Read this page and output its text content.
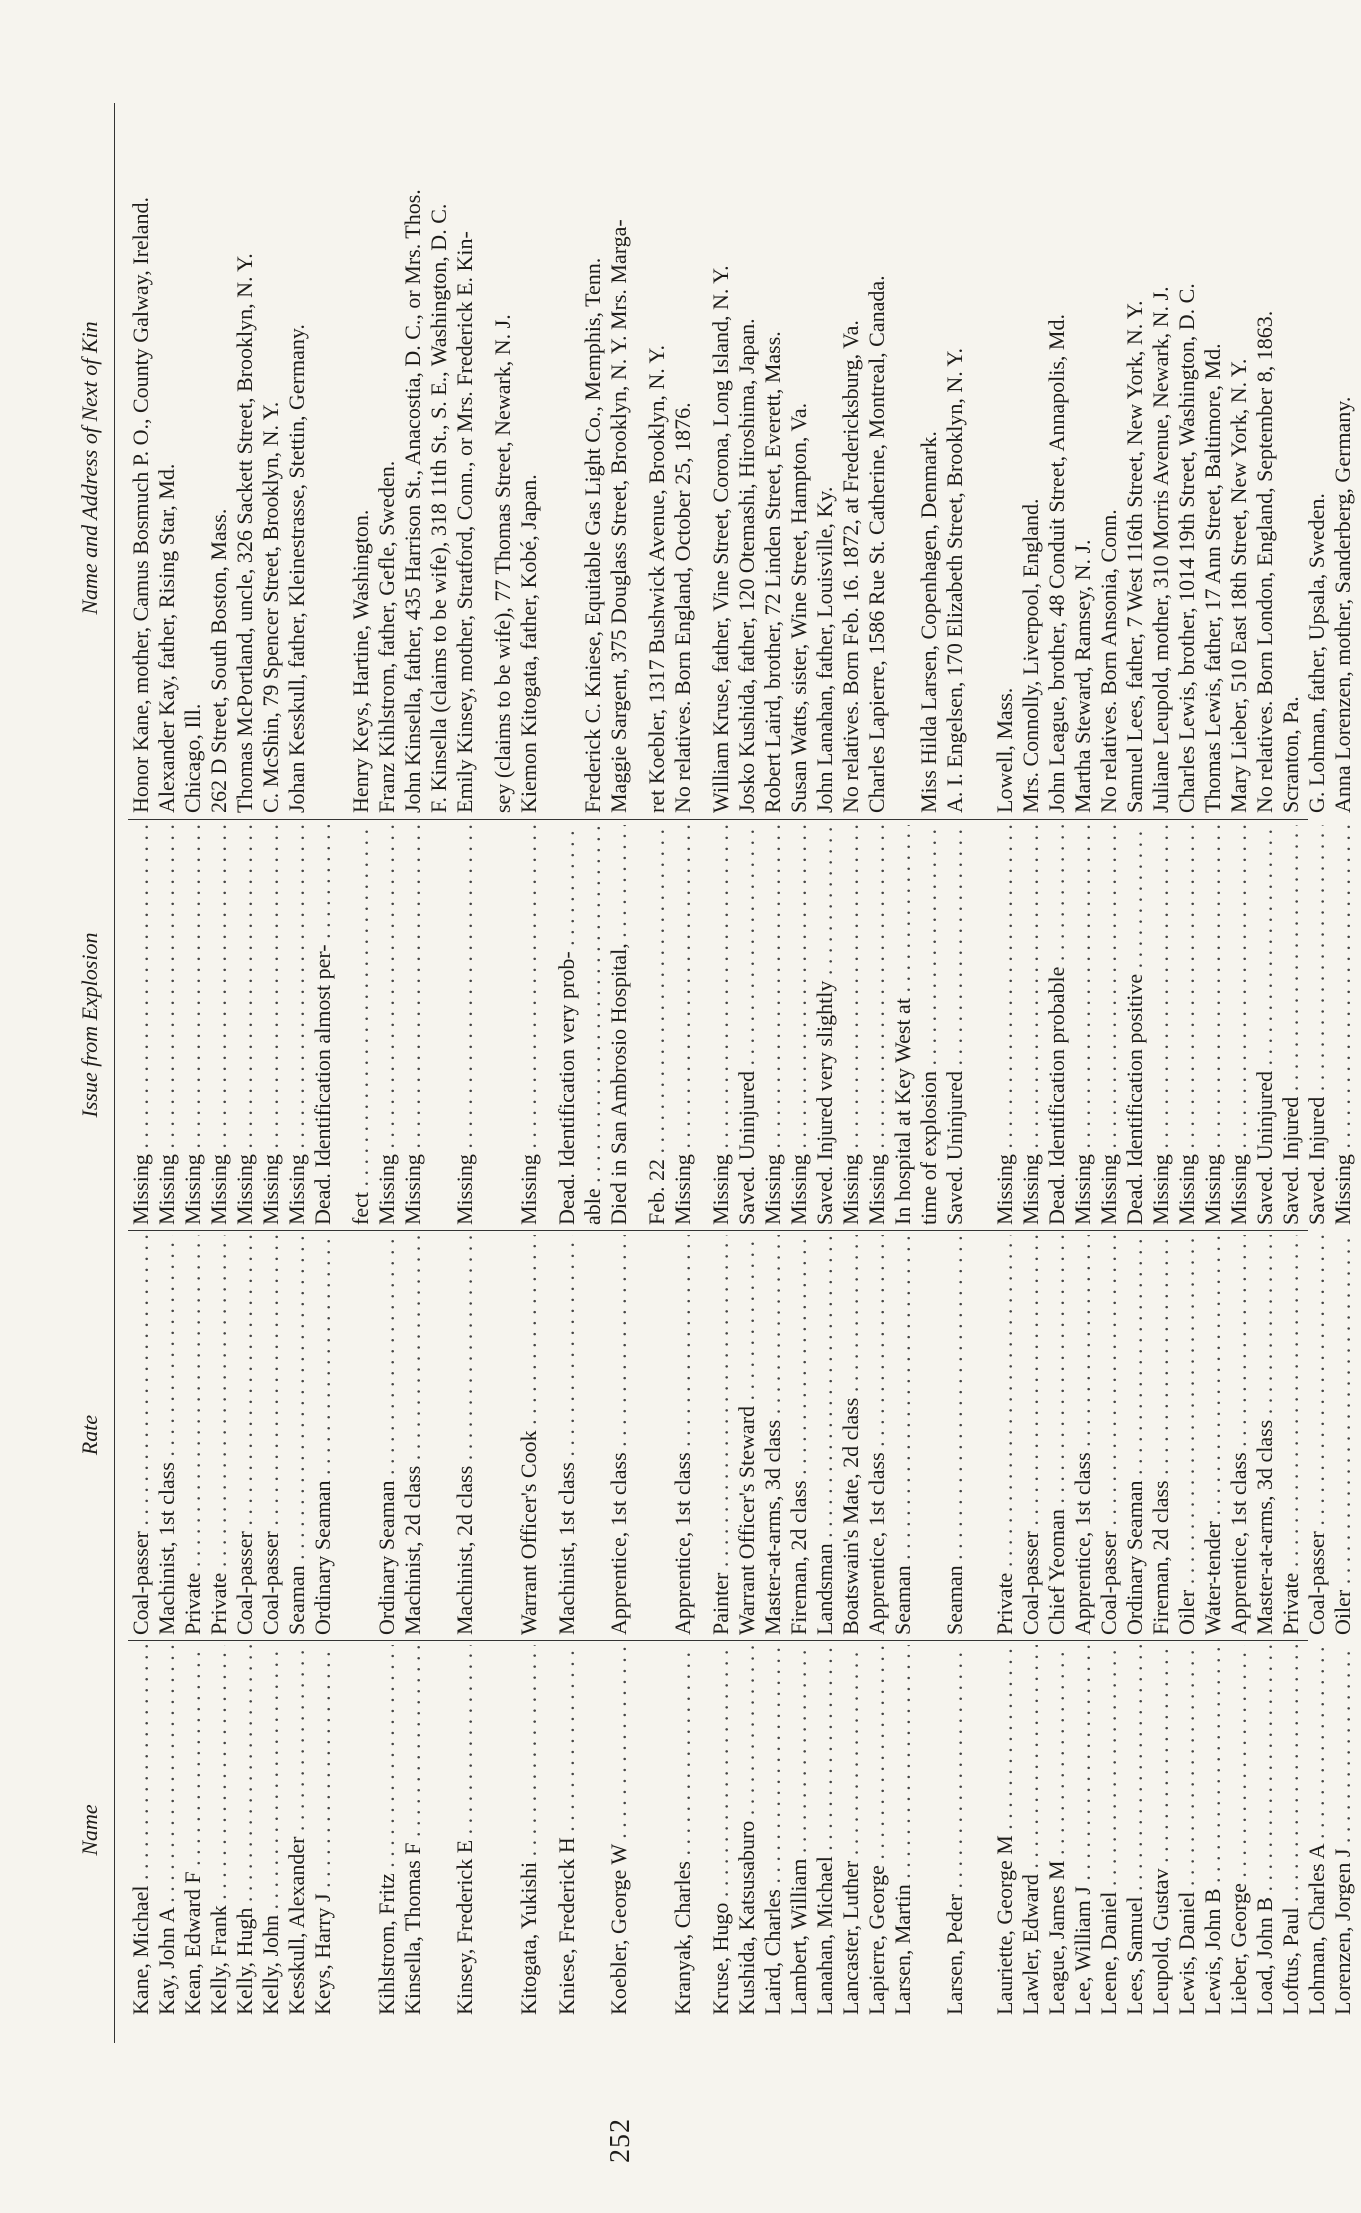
252
Name
Rate
Issue from Explosion
Name and Address of Next of Kin
Kane, Michael . . .
Coal-passer . . .
Missing . . .
Honor Kane, mother, Camus Bosmuch P. O., County Galway, Ireland.
Kay, John A . . .
Machinist, 1st class . . .
Missing . . .
Alexander Kay, father, Rising Star, Md.
Kean, Edward F . . .
Private . . .
Missing . . .
Chicago, Ill.
Kelly, Frank . . .
Private . . .
Missing . . .
262 D Street, South Boston, Mass.
Kelly, Hugh . . .
Coal-passer . . .
Missing . . .
Thomas McPortland, uncle, 326 Sackett Street, Brooklyn, N. Y.
Kelly, John . . .
Coal-passer . . .
Missing . . .
C. McShin, 79 Spencer Street, Brooklyn, N. Y.
Kesskull, Alexander . . .
Seaman . . .
Missing . . .
Johan Kesskull, father, Kleinestrasse, Stettin, Germany.
Keys, Harry J . . .
Ordinary Seaman . . .
Dead. Identification almost per- . . . fect . . .
Henry Keys, Hartine, Washington.
Kihlstrom, Fritz . . .
Ordinary Seaman . . .
Missing . . .
Franz Kihlstrom, father, Gefle, Sweden.
Kinsella, Thomas F . . .
Machinist, 2d class . . .
Missing . . .
John Kinsella, father, 435 Harrison St., Anacostia, D. C., or Mrs. Thos. F. Kinsella (claims to be wife), 318 11th St., S. E., Washington, D. C.
Kinsey, Frederick E . . .
Machinist, 2d class . . .
Missing . . .
Emily Kinsey, mother, Stratford, Conn., or Mrs. Frederick E. Kin- sey (claims to be wife), 77 Thomas Street, Newark, N. J.
Kitogata, Yukishi . . .
Warrant Officer's Cook . . .
Missing . . .
Kiemon Kitogata, father, Kobé, Japan.
Kniese, Frederick H . . .
Machinist, 1st class . . .
Dead. Identification very prob- . . . able . . .
Frederick C. Kniese, Equitable Gas Light Co., Memphis, Tenn.
Koebler, George W . . .
Apprentice, 1st class . . .
Died in San Ambrosio Hospital, . . .
Maggie Sargent, 375 Douglass Street, Brooklyn, N. Y. Mrs. Marga-
Feb. 22 . . .
ret Koebler, 1317 Bushwick Avenue, Brooklyn, N. Y.
Kranyak, Charles . . .
Apprentice, 1st class . . .
Missing . . .
No relatives. Born England, October 25, 1876.
Kruse, Hugo . . .
Painter . . .
Missing . . .
William Kruse, father, Vine Street, Corona, Long Island, N. Y.
Kushida, Katsusaburo . . .
Warrant Officer's Steward . . .
Saved. Uninjured . . .
Josko Kushida, father, 120 Otemashi, Hiroshima, Japan.
Laird, Charles . . .
Master-at-arms, 3d class . . .
Missing . . .
Robert Laird, brother, 72 Linden Street, Everett, Mass.
Lambert, William . . .
Fireman, 2d class . . .
Missing . . .
Susan Watts, sister, Wine Street, Hampton, Va.
Lanahan, Michael . . .
Landsman . . .
Saved. Injured very slightly . . .
John Lanahan, father, Louisville, Ky.
Lancaster, Luther . . .
Boatswain's Mate, 2d class . . .
Missing . . .
No relatives. Born Feb. 16. 1872, at Fredericksburg, Va.
Lapierre, George . . .
Apprentice, 1st class . . .
Missing . . .
Charles Lapierre, 1586 Rue St. Catherine, Montreal, Canada.
Larsen, Martin . . .
Seaman . . .
In hospital at Key West at . . . time of explosion . . .
Miss Hilda Larsen, Copenhagen, Denmark.
Larsen, Peder . . .
Seaman . . .
Saved. Uninjured . . .
A. I. Engelsen, 170 Elizabeth Street, Brooklyn, N. Y.
Lauriette, George M . . .
Private . . .
Missing . . .
Lowell, Mass.
Lawler, Edward . . .
Coal-passer . . .
Missing . . .
Mrs. Connolly, Liverpool, England.
League, James M . . .
Chief Yeoman . . .
Dead. Identification probable . . .
John League, brother, 48 Conduit Street, Annapolis, Md.
Lee, William J . . .
Apprentice, 1st class . . .
Missing . . .
Martha Steward, Ramsey, N. J.
Leene, Daniel . . .
Coal-passer . . .
Missing . . .
No relatives. Born Ansonia, Conn.
Lees, Samuel . . .
Ordinary Seaman . . .
Dead. Identification positive . . .
Samuel Lees, father, 7 West 116th Street, New York, N. Y.
Leupold, Gustav . . .
Fireman, 2d class . . .
Missing . . .
Juliane Leupold, mother, 310 Morris Avenue, Newark, N. J.
Lewis, Daniel . . .
Oiler . . .
Missing . . .
Charles Lewis, brother, 1014 19th Street, Washington, D. C.
Lewis, John B . . .
Water-tender . . .
Missing . . .
Thomas Lewis, father, 17 Ann Street, Baltimore, Md.
Lieber, George . . .
Apprentice, 1st class . . .
Missing . . .
Mary Lieber, 510 East 18th Street, New York, N. Y.
Load, John B . . .
Master-at-arms, 3d class . . .
Saved. Uninjured . . .
No relatives. Born London, England, September 8, 1863.
Loftus, Paul . . .
Private . . .
Saved. Injured . . .
Scranton, Pa.
Lohman, Charles A . . .
Coal-passer . . .
Saved. Injured . . .
G. Lohman, father, Upsala, Sweden.
Lorenzen, Jorgen J . . .
Oiler . . .
Missing . . .
Anna Lorenzen, mother, Sanderberg, Germany.
